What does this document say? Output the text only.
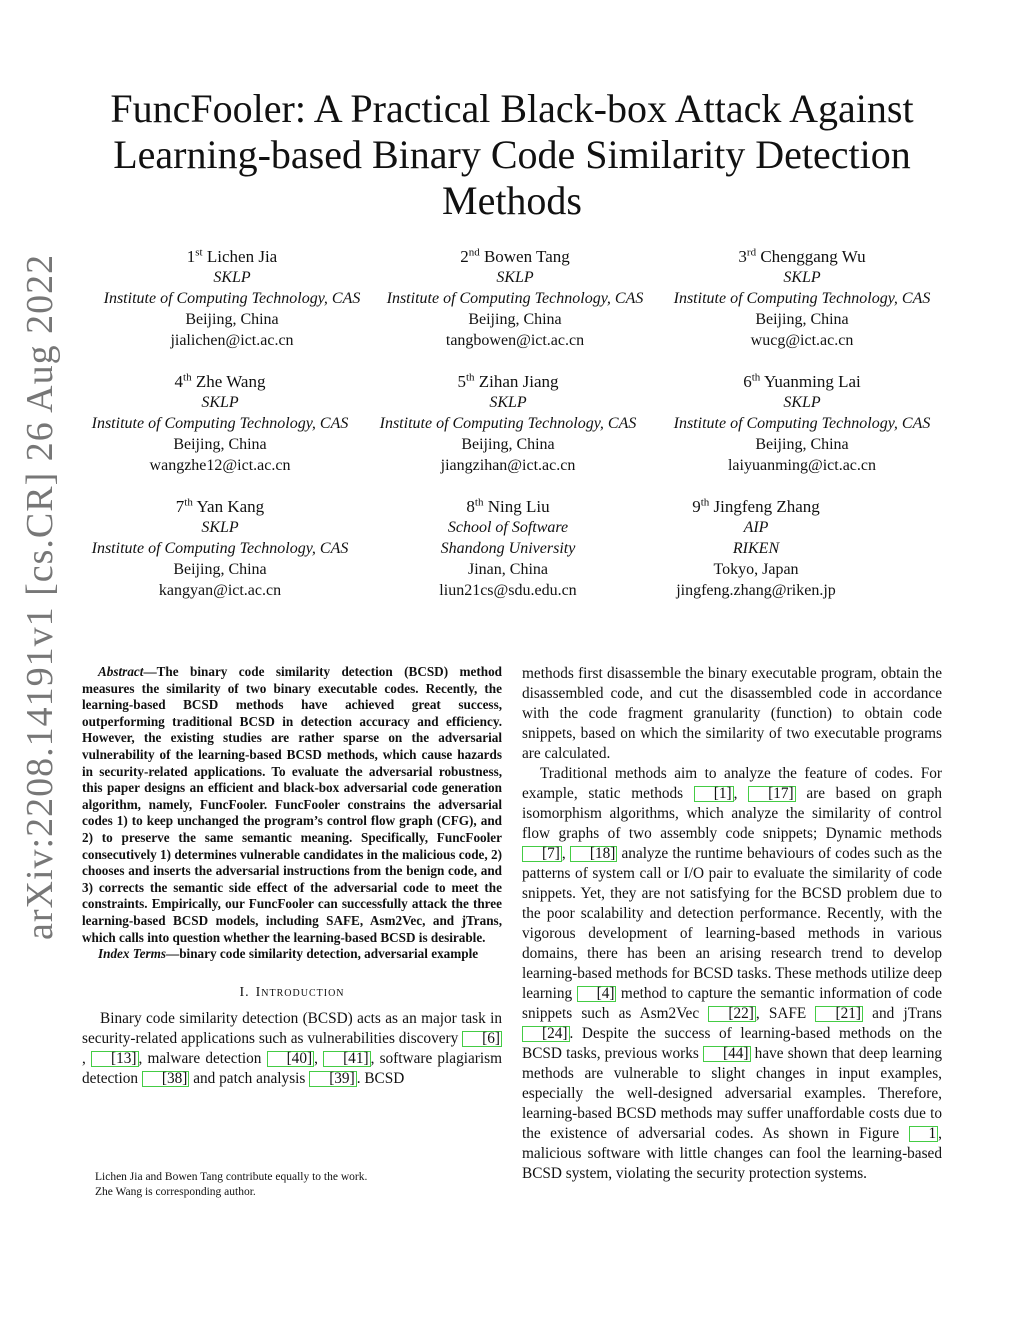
arXiv:2208.14191v1 [cs.CR] 26 Aug 2022
FuncFooler: A Practical Black-box Attack Against
Learning-based Binary Code Similarity Detection
Methods
1st Lichen Jia
SKLP
Institute of Computing Technology, CAS
Beijing, China
jialichen@ict.ac.cn
2nd Bowen Tang
SKLP
Institute of Computing Technology, CAS
Beijing, China
tangbowen@ict.ac.cn
3rd Chenggang Wu
SKLP
Institute of Computing Technology, CAS
Beijing, China
wucg@ict.ac.cn
4th Zhe Wang
SKLP
Institute of Computing Technology, CAS
Beijing, China
wangzhe12@ict.ac.cn
5th Zihan Jiang
SKLP
Institute of Computing Technology, CAS
Beijing, China
jiangzihan@ict.ac.cn
6th Yuanming Lai
SKLP
Institute of Computing Technology, CAS
Beijing, China
laiyuanming@ict.ac.cn
7th Yan Kang
SKLP
Institute of Computing Technology, CAS
Beijing, China
kangyan@ict.ac.cn
8th Ning Liu
School of Software
Shandong University
Jinan, China
liun21cs@sdu.edu.cn
9th Jingfeng Zhang
AIP
RIKEN
Tokyo, Japan
jingfeng.zhang@riken.jp

Abstract—The binary code similarity detection (BCSD) method measures the similarity of two binary executable codes. Recently, the learning-based BCSD methods have achieved great success, outperforming traditional BCSD in detection accuracy and efficiency. However, the existing studies are rather sparse on the adversarial vulnerability of the learning-based BCSD methods, which cause hazards in security-related applications. To evaluate the adversarial robustness, this paper designs an efficient and black-box adversarial code generation algorithm, namely, FuncFooler. FuncFooler constrains the adversarial codes 1) to keep unchanged the program’s control flow graph (CFG), and 2) to preserve the same semantic meaning. Specifically, FuncFooler consecutively 1) determines vulnerable candidates in the malicious code, 2) chooses and inserts the adversarial instructions from the benign code, and 3) corrects the semantic side effect of the adversarial code to meet the constraints. Empirically, our FuncFooler can successfully attack the three learning-based BCSD models, including SAFE, Asm2Vec, and jTrans, which calls into question whether the learning-based BCSD is desirable.

Index Terms—binary code similarity detection, adversarial example

I. Introduction

Binary code similarity detection (BCSD) acts as an major task in security-related applications such as vulnerabilities discovery [6], [13] , malware detection [40] , [41] , software plagiarism detection [38] and patch analysis [39] . BCSD

Lichen Jia and Bowen Tang contribute equally to the work.
Zhe Wang is corresponding author.

methods first disassemble the binary executable program, obtain the disassembled code, and cut the disassembled code in accordance with the code fragment granularity (function) to obtain code snippets, based on which the similarity of two executable programs are calculated.

Traditional methods aim to analyze the feature of codes. For example, static methods [1] , [17] are based on graph isomorphism algorithms, which analyze the similarity of control flow graphs of two assembly code snippets; Dynamic methods [7] , [18] analyze the runtime behaviours of codes such as the patterns of system call or I/O pair to evaluate the similarity of code snippets. Yet, they are not satisfying for the BCSD problem due to the poor scalability and detection performance. Recently, with the vigorous development of learning-based methods in various domains, there has been an arising research trend to develop learning-based methods for BCSD tasks. These methods utilize deep learning [4] method to capture the semantic information of code snippets such as Asm2Vec [22] , SAFE [21] and jTrans [24] . Despite the success of learning-based methods on the BCSD tasks, previous works [44] have shown that deep learning methods are vulnerable to slight changes in input examples, especially the well-designed adversarial examples. Therefore, learning-based BCSD methods may suffer unaffordable costs due to the existence of adversarial codes. As shown in Figure 1 , malicious software with little changes can fool the learning-based BCSD system, violating the security protection systems.
